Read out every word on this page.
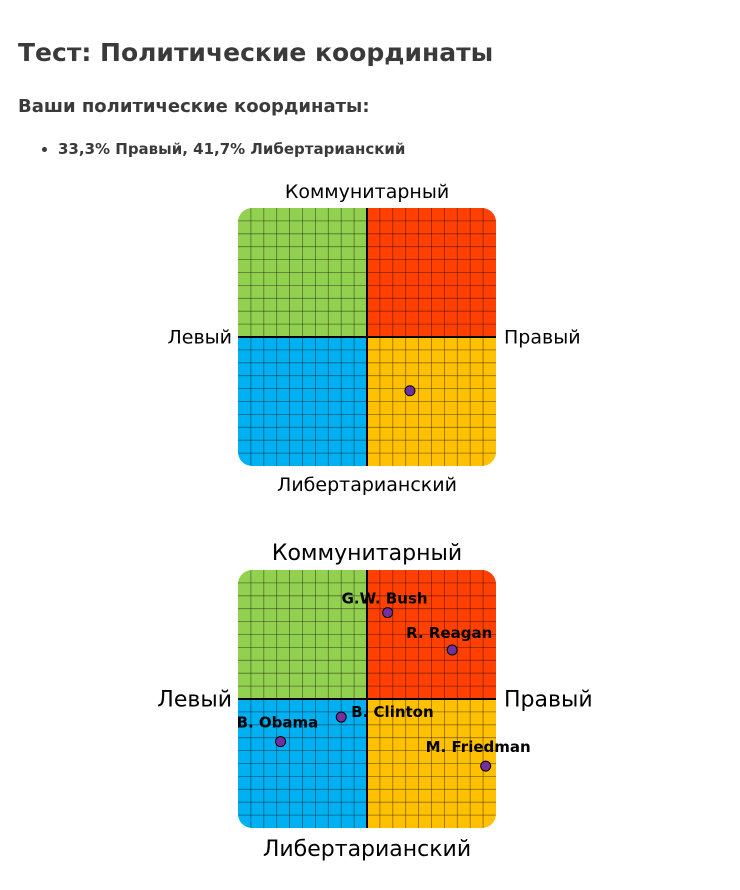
Тест: Политические координаты
Ваши политические координаты:
• 33,3% Правый, 41,7% Либертарианский
Коммунитарный
Либертарианский
Левый	Правый
Коммунитарный
Либертарианский
Левый	Правый
G.W. Bush
R. Reagan
B. Clinton
B. Obama
M. Friedman
